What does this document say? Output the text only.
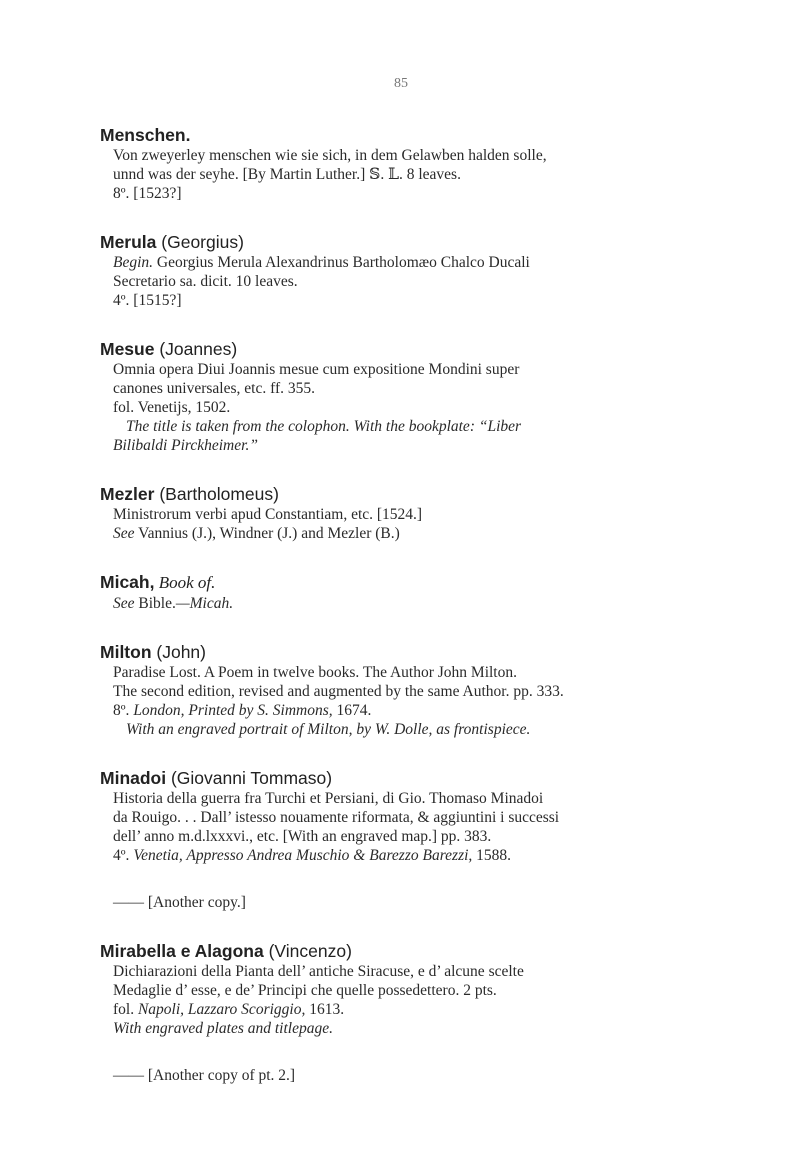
85
Menschen.
Von zweyerley menschen wie sie sich, in dem Gelawben halden solle,
unnd was der seyhe. [By Martin Luther.] 𝕊. 𝕃. 8 leaves.
8º. [1523?]
Merula (Georgius)
Begin. Georgius Merula Alexandrinus Bartholomæo Chalco Ducali
Secretario sa. dicit. 10 leaves.
4º. [1515?]
Mesue (Joannes)
Omnia opera Diui Joannis mesue cum expositione Mondini super
canones universales, etc. ff. 355.
fol. Venetijs, 1502.
The title is taken from the colophon. With the bookplate: “Liber
Bilibaldi Pirckheimer.”
Mezler (Bartholomeus)
Ministrorum verbi apud Constantiam, etc. [1524.]
See Vannius (J.), Windner (J.) and Mezler (B.)
Micah, Book of.
See Bible.—Micah.
Milton (John)
Paradise Lost. A Poem in twelve books. The Author John Milton.
The second edition, revised and augmented by the same Author. pp. 333.
8º. London, Printed by S. Simmons, 1674.
With an engraved portrait of Milton, by W. Dolle, as frontispiece.
Minadoi (Giovanni Tommaso)
Historia della guerra fra Turchi et Persiani, di Gio. Thomaso Minadoi
da Rouigo. . . Dall’ istesso nouamente riformata, & aggiuntini i successi
dell’ anno m.d.lxxxvi., etc. [With an engraved map.] pp. 383.
4º. Venetia, Appresso Andrea Muschio & Barezzo Barezzi, 1588.
—— [Another copy.]
Mirabella e Alagona (Vincenzo)
Dichiarazioni della Pianta dell’ antiche Siracuse, e d’ alcune scelte
Medaglie d’ esse, e de’ Principi che quelle possedettero. 2 pts.
fol. Napoli, Lazzaro Scoriggio, 1613.
With engraved plates and titlepage.
—— [Another copy of pt. 2.]
